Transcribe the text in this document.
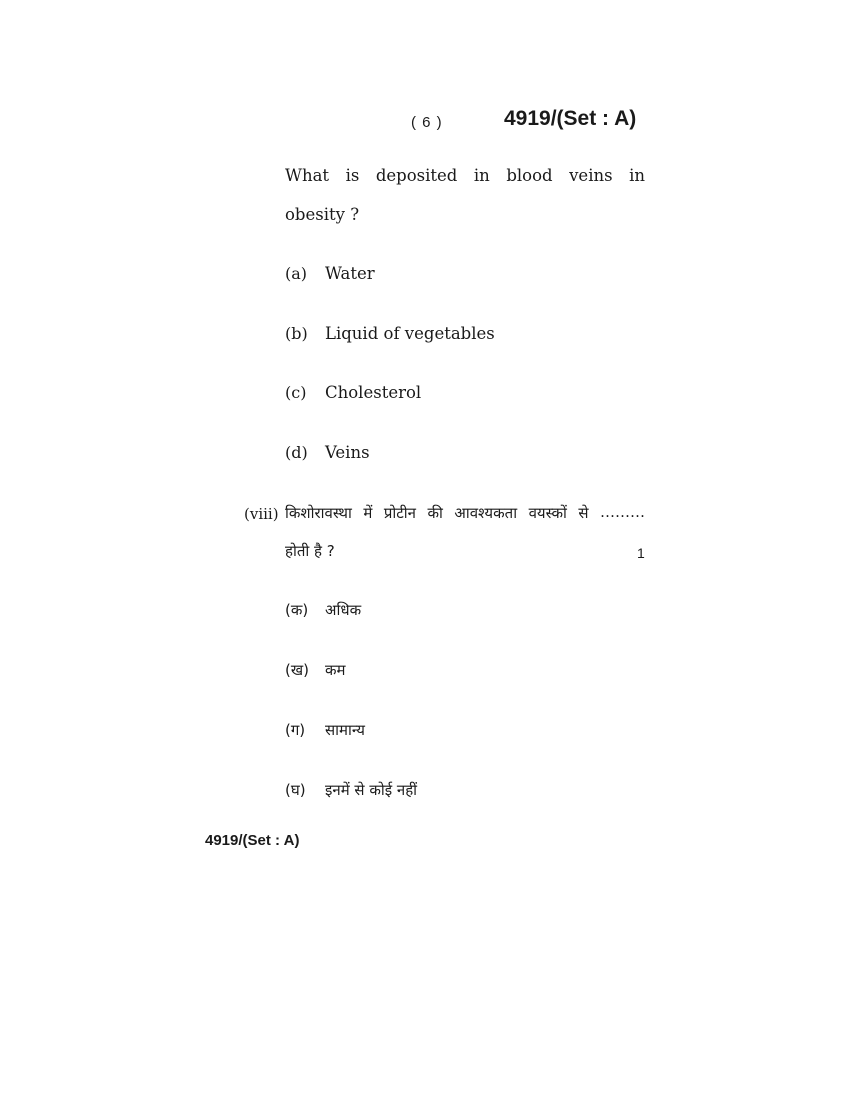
( 6 )	4919/(Set : A)
What is deposited in blood veins in
obesity ?
(a) Water
(b) Liquid of vegetables
(c) Cholesterol
(d) Veins
(viii) किशोरावस्था में प्रोटीन की आवश्यकता वयस्कों से ………
होती है ?	1
(क) अधिक
(ख) कम
(ग) सामान्य
(घ) इनमें से कोई नहीं
4919/(Set : A)
